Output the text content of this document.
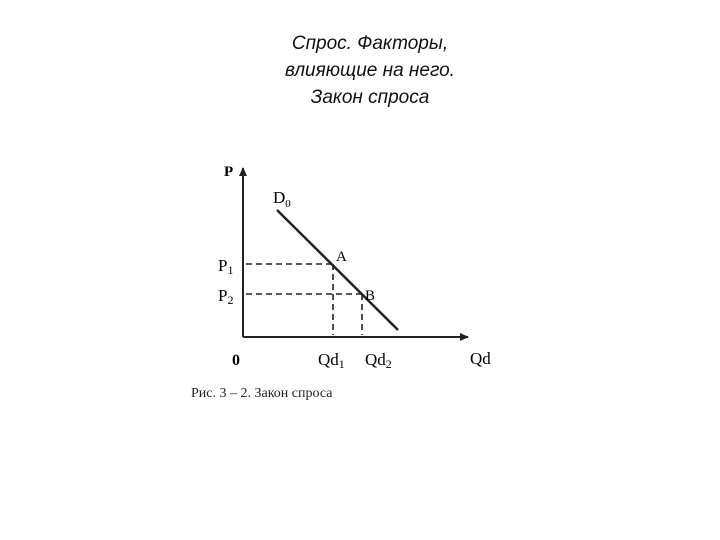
Спрос. Факторы,
влияющие на него.
Закон спроса
P
Qd
0
$D_0$
A
B
P1
P2
Qd1 Qd2
Рис. 3 – 2. Закон спроса
